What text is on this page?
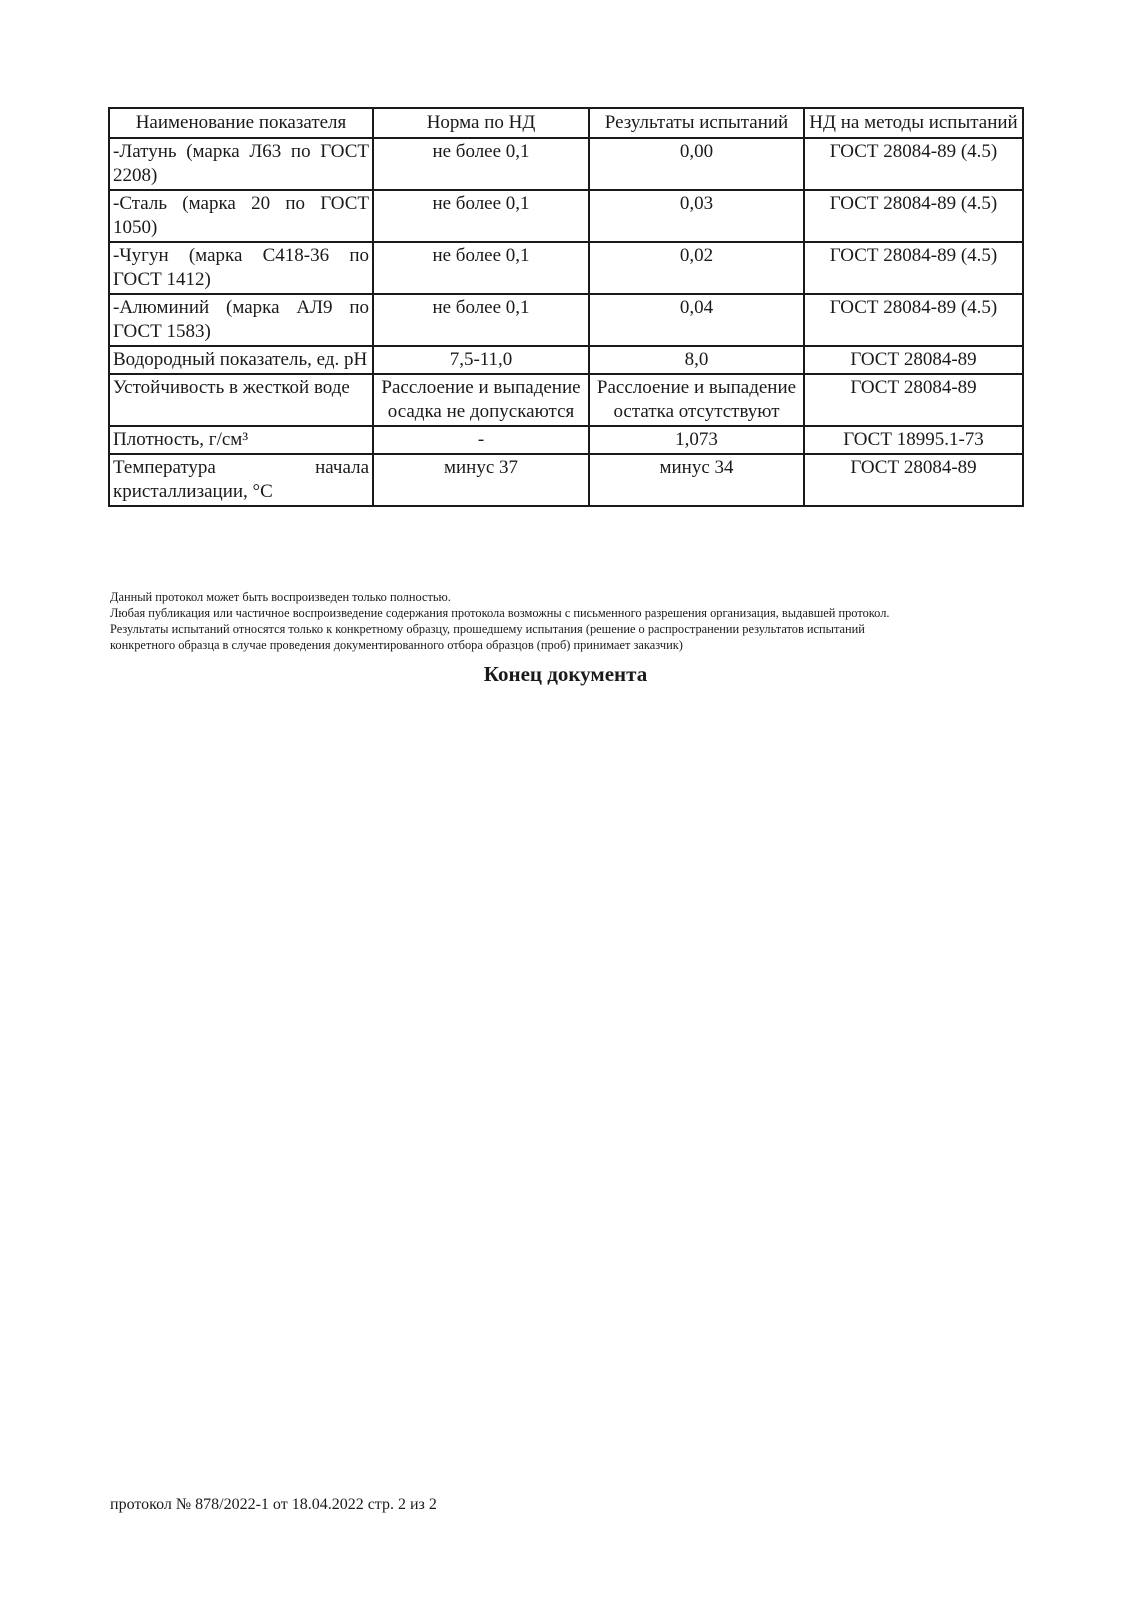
Наименование показателя	Норма по НД	Результаты испытаний	НД на методы испытаний
-Латунь (марка Л63 по ГОСТ 2208)	не более 0,1	0,00	ГОСТ 28084-89 (4.5)
-Сталь (марка 20 по ГОСТ 1050)	не более 0,1	0,03	ГОСТ 28084-89 (4.5)
-Чугун (марка С418-36 по ГОСТ 1412)	не более 0,1	0,02	ГОСТ 28084-89 (4.5)
-Алюминий (марка АЛ9 по ГОСТ 1583)	не более 0,1	0,04	ГОСТ 28084-89 (4.5)
Водородный показатель, ед. pH	7,5-11,0	8,0	ГОСТ 28084-89
Устойчивость в жесткой воде	Расслоение и выпадение осадка не допускаются	Расслоение и выпадение остатка отсутствуют	ГОСТ 28084-89
Плотность, г/см³	-	1,073	ГОСТ 18995.1-73
Температура начала кристаллизации, °С	минус 37	минус 34	ГОСТ 28084-89
Данный протокол может быть воспроизведен только полностью.
Любая публикация или частичное воспроизведение содержания протокола возможны с письменного разрешения организация, выдавшей протокол.
Результаты испытаний относятся только к конкретному образцу, прошедшему испытания (решение о распространении результатов испытаний
конкретного образца в случае проведения документированного отбора образцов (проб) принимает заказчик)
Конец документа
протокол № 878/2022-1 от 18.04.2022 стр. 2 из 2
